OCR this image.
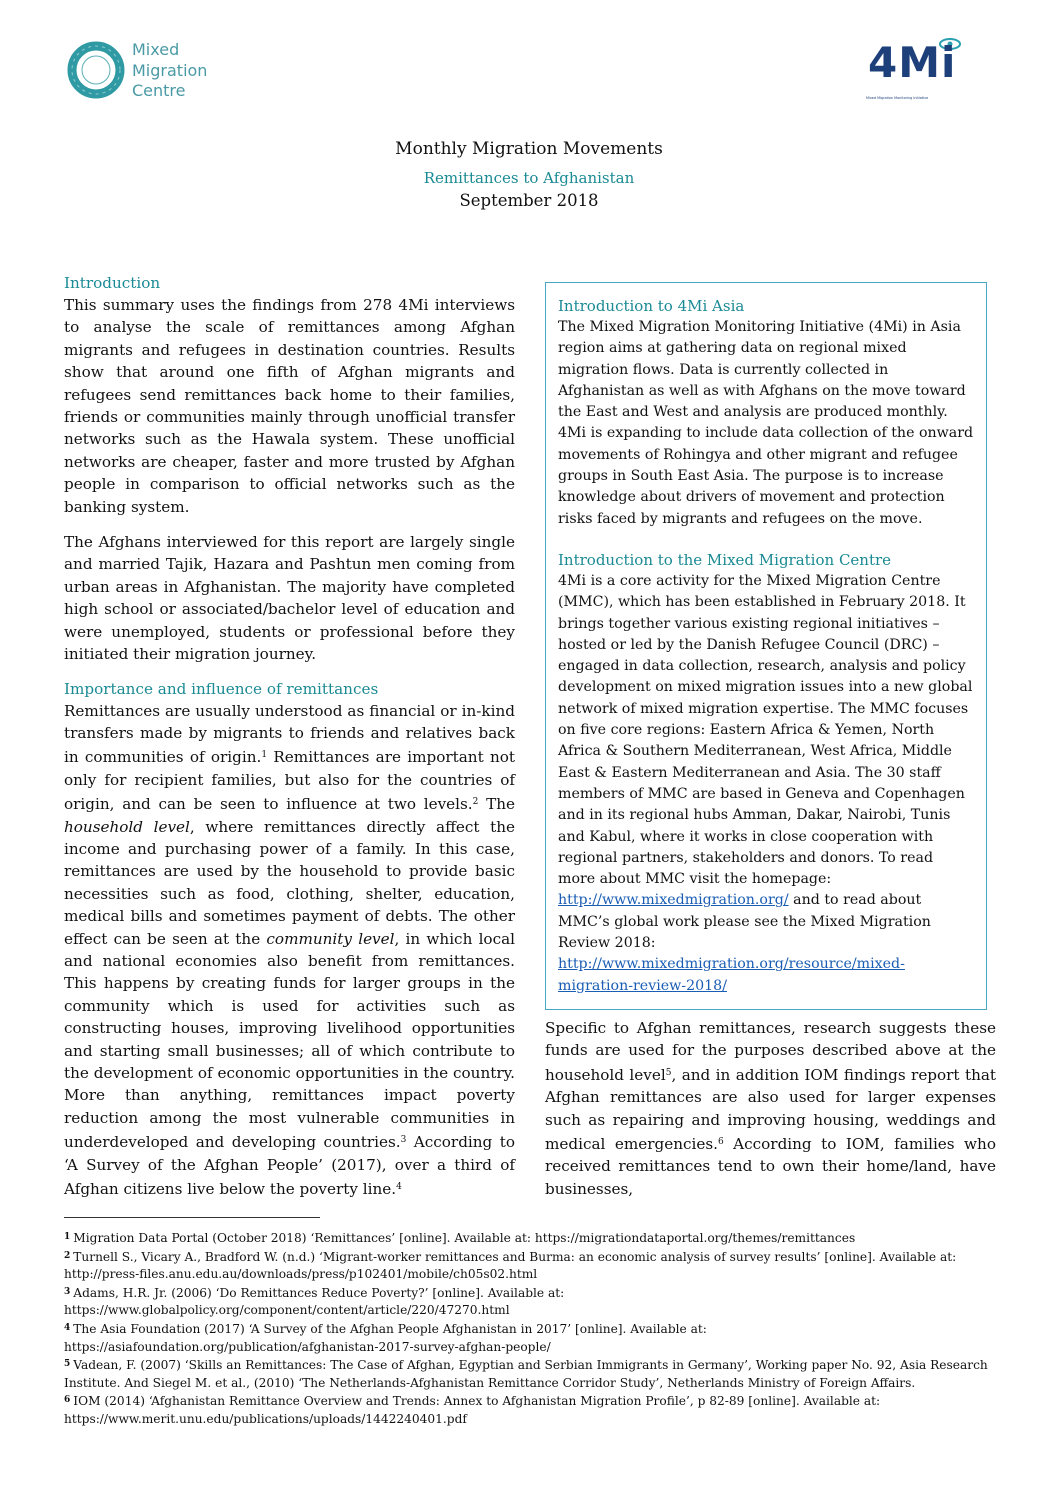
Mixed
Migration
Centre
4Mi
Mixed Migration Monitoring Initiative
Monthly Migration Movements
Remittances to Afghanistan
September 2018
Introduction

This summary uses the findings from 278 4Mi interviews to analyse the scale of remittances among Afghan migrants and refugees in destination countries. Results show that around one fifth of Afghan migrants and refugees send remittances back home to their families, friends or communities mainly through unofficial transfer networks such as the Hawala system. These unofficial networks are cheaper, faster and more trusted by Afghan people in comparison to official networks such as the banking system.

The Afghans interviewed for this report are largely single and married Tajik, Hazara and Pashtun men coming from urban areas in Afghanistan. The majority have completed high school or associated/bachelor level of education and were unemployed, students or professional before they initiated their migration journey.

Importance and influence of remittances

Remittances are usually understood as financial or in-kind transfers made by migrants to friends and relatives back in communities of origin.$^1$ Remittances are important not only for recipient families, but also for the countries of origin, and can be seen to influence at two levels.$^2$ The household level, where remittances directly affect the income and purchasing power of a family. In this case, remittances are used by the household to provide basic necessities such as food, clothing, shelter, education, medical bills and sometimes payment of debts. The other effect can be seen at the community level, in which local and national economies also benefit from remittances. This happens by creating funds for larger groups in the community which is used for activities such as constructing houses, improving livelihood opportunities and starting small businesses; all of which contribute to the development of economic opportunities in the country. More than anything, remittances impact poverty reduction among the most vulnerable communities in underdeveloped and developing countries.$^3$ According to ‘A Survey of the Afghan People’ (2017), over a third of Afghan citizens live below the poverty line.$^4$

Introduction to 4Mi Asia

The Mixed Migration Monitoring Initiative (4Mi) in Asia region aims at gathering data on regional mixed migration flows. Data is currently collected in Afghanistan as well as with Afghans on the move toward the East and West and analysis are produced monthly. 4Mi is expanding to include data collection of the onward movements of Rohingya and other migrant and refugee groups in South East Asia. The purpose is to increase knowledge about drivers of movement and protection risks faced by migrants and refugees on the move.

Introduction to the Mixed Migration Centre

4Mi is a core activity for the Mixed Migration Centre (MMC), which has been established in February 2018. It brings together various existing regional initiatives – hosted or led by the Danish Refugee Council (DRC) – engaged in data collection, research, analysis and policy development on mixed migration issues into a new global network of mixed migration expertise. The MMC focuses on five core regions: Eastern Africa & Yemen, North Africa & Southern Mediterranean, West Africa, Middle East & Eastern Mediterranean and Asia. The 30 staff members of MMC are based in Geneva and Copenhagen and in its regional hubs Amman, Dakar, Nairobi, Tunis and Kabul, where it works in close cooperation with regional partners, stakeholders and donors. To read more about MMC visit the homepage:
http://www.mixedmigration.org/ and to read about MMC’s global work please see the Mixed Migration Review 2018:
http://www.mixedmigration.org/resource/mixed-migration-review-2018/

Specific to Afghan remittances, research suggests these funds are used for the purposes described above at the household level$^5$, and in addition IOM findings report that Afghan remittances are also used for larger expenses such as repairing and improving housing, weddings and medical emergencies.$^6$ According to IOM, families who received remittances tend to own their home/land, have businesses,

$^1$ Migration Data Portal (October 2018) ‘Remittances’ [online]. Available at: https://migrationdataportal.org/themes/remittances
$^2$ Turnell S., Vicary A., Bradford W. (n.d.) ‘Migrant-worker remittances and Burma: an economic analysis of survey results’ [online]. Available at: http://press-files.anu.edu.au/downloads/press/p102401/mobile/ch05s02.html
$^3$ Adams, H.R. Jr. (2006) ‘Do Remittances Reduce Poverty?’ [online]. Available at: https://www.globalpolicy.org/component/content/article/220/47270.html
$^4$ The Asia Foundation (2017) ‘A Survey of the Afghan People Afghanistan in 2017’ [online]. Available at: https://asiafoundation.org/publication/afghanistan-2017-survey-afghan-people/
$^5$ Vadean, F. (2007) ‘Skills an Remittances: The Case of Afghan, Egyptian and Serbian Immigrants in Germany’, Working paper No. 92, Asia Research Institute. And Siegel M. et al., (2010) ‘The Netherlands-Afghanistan Remittance Corridor Study’, Netherlands Ministry of Foreign Affairs.
$^6$ IOM (2014) ‘Afghanistan Remittance Overview and Trends: Annex to Afghanistan Migration Profile’, p 82-89 [online]. Available at: https://www.merit.unu.edu/publications/uploads/1442240401.pdf
